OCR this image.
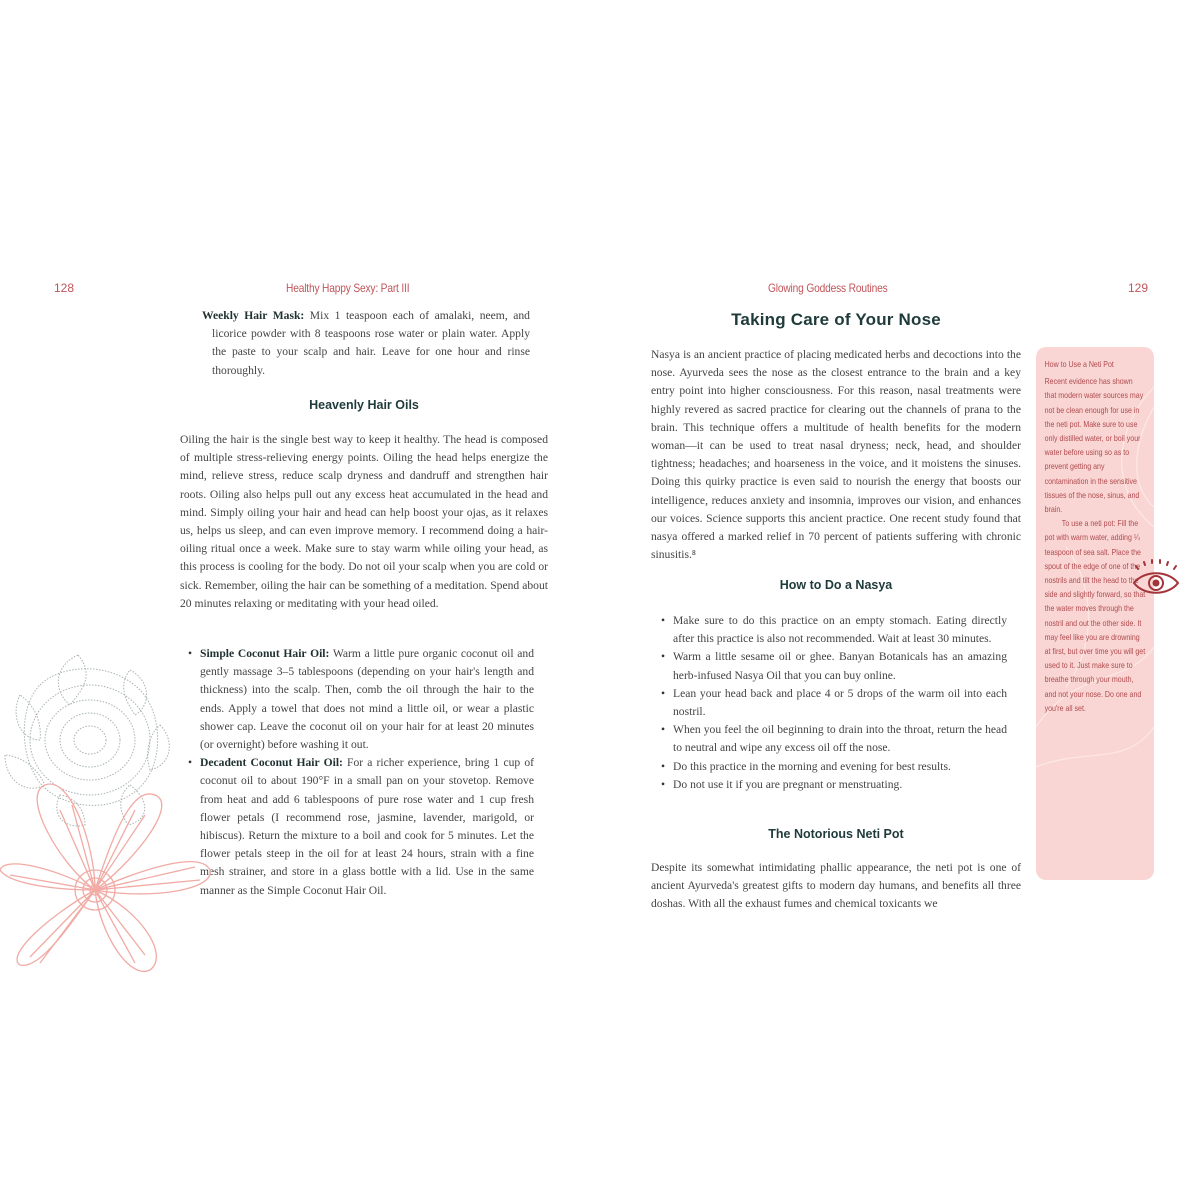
128	Healthy Happy Sexy: Part III
Weekly Hair Mask: Mix 1 teaspoon each of amalaki, neem, and licorice powder with 8 teaspoons rose water or plain water. Apply the paste to your scalp and hair. Leave for one hour and rinse thoroughly.
Heavenly Hair Oils
Oiling the hair is the single best way to keep it healthy. The head is composed of multiple stress-relieving energy points. Oiling the head helps energize the mind, relieve stress, reduce scalp dryness and dandruff and strengthen hair roots. Oiling also helps pull out any excess heat accumulated in the head and mind. Simply oiling your hair and head can help boost your ojas, as it relaxes us, helps us sleep, and can even improve memory. I recommend doing a hair-oiling ritual once a week. Make sure to stay warm while oiling your head, as this process is cooling for the body. Do not oil your scalp when you are cold or sick. Remember, oiling the hair can be something of a meditation. Spend about 20 minutes relaxing or meditating with your head oiled.
• Simple Coconut Hair Oil: Warm a little pure organic coconut oil and gently massage 3–5 tablespoons (depending on your hair's length and thickness) into the scalp. Then, comb the oil through the hair to the ends. Apply a towel that does not mind a little oil, or wear a plastic shower cap. Leave the coconut oil on your hair for at least 20 minutes (or overnight) before washing it out.
• Decadent Coconut Hair Oil: For a richer experience, bring 1 cup of coconut oil to about 190°F in a small pan on your stovetop. Remove from heat and add 6 tablespoons of pure rose water and 1 cup fresh flower petals (I recommend rose, jasmine, lavender, marigold, or hibiscus). Return the mixture to a boil and cook for 5 minutes. Let the flower petals steep in the oil for at least 24 hours, strain with a fine mesh strainer, and store in a glass bottle with a lid. Use in the same manner as the Simple Coconut Hair Oil.
Glowing Goddess Routines	129
Taking Care of Your Nose
Nasya is an ancient practice of placing medicated herbs and decoctions into the nose. Ayurveda sees the nose as the closest entrance to the brain and a key entry point into higher consciousness. For this reason, nasal treatments were highly revered as sacred practice for clearing out the channels of prana to the brain. This technique offers a multitude of health benefits for the modern woman—it can be used to treat nasal dryness; neck, head, and shoulder tightness; headaches; and hoarseness in the voice, and it moistens the sinuses. Doing this quirky practice is even said to nourish the energy that boosts our intelligence, reduces anxiety and insomnia, improves our vision, and enhances our voices. Science supports this ancient practice. One recent study found that nasya offered a marked relief in 70 percent of patients suffering with chronic sinusitis.⁸
How to Do a Nasya
• Make sure to do this practice on an empty stomach. Eating directly after this practice is also not recommended. Wait at least 30 minutes.
• Warm a little sesame oil or ghee. Banyan Botanicals has an amazing herb-infused Nasya Oil that you can buy online.
• Lean your head back and place 4 or 5 drops of the warm oil into each nostril.
• When you feel the oil beginning to drain into the throat, return the head to neutral and wipe any excess oil off the nose.
• Do this practice in the morning and evening for best results.
• Do not use it if you are pregnant or menstruating.
The Notorious Neti Pot
Despite its somewhat intimidating phallic appearance, the neti pot is one of ancient Ayurveda's greatest gifts to modern day humans, and benefits all three doshas. With all the exhaust fumes and chemical toxicants we
How to Use a Neti Pot

Recent evidence has shown that modern water sources may not be clean enough for use in the neti pot. Make sure to use only distilled water, or boil your water before using so as to prevent getting any contamination in the sensitive tissues of the nose, sinus, and brain.

To use a neti pot: Fill the pot with warm water, adding ¼ teaspoon of sea salt. Place the spout of the edge of one of the nostrils and tilt the head to the side and slightly forward, so that the water moves through the nostril and out the other side. It may feel like you are drowning at first, but over time you will get used to it. Just make sure to breathe through your mouth, and not your nose. Do one and you're all set.
